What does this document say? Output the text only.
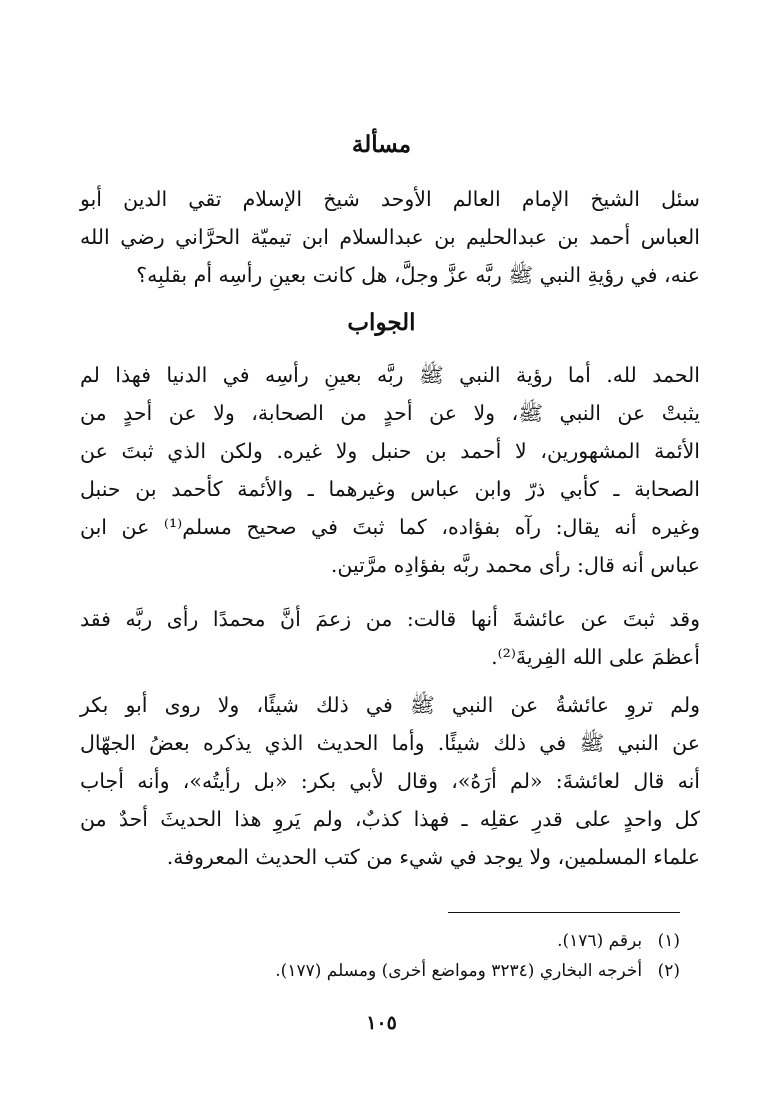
مسألة
سئل الشيخ الإمام العالم الأوحد شيخ الإسلام تقي الدين أبو
العباس أحمد بن عبدالحليم بن عبدالسلام ابن تيميّة الحرَّاني رضي الله
عنه، في رؤيةِ النبي ﷺ ربَّه عزَّ وجلَّ، هل كانت بعينِ رأسِه أم بقلبِه؟
الجواب
الحمد لله. أما رؤية النبي ﷺ ربَّه بعينِ رأسِه في الدنيا فهذا لم
يثبتْ عن النبي ﷺ، ولا عن أحدٍ من الصحابة، ولا عن أحدٍ من
الأئمة المشهورين، لا أحمد بن حنبل ولا غيره. ولكن الذي ثبتَ عن
الصحابة ـ كأبي ذرّ وابن عباس وغيرهما ـ والأئمة كأحمد بن حنبل
وغيره أنه يقال: رآه بفؤاده، كما ثبتَ في صحيح مسلم⁽¹⁾ عن ابن
عباس أنه قال: رأى محمد ربَّه بفؤادِه مرَّتين.
وقد ثبتَ عن عائشةَ أنها قالت: من زعمَ أنَّ محمدًا رأى ربَّه فقد
أعظمَ على الله الفِريةَ⁽²⁾.
ولم تروِ عائشةُ عن النبي ﷺ في ذلك شيئًا، ولا روى أبو بكر
عن النبي ﷺ في ذلك شيئًا. وأما الحديث الذي يذكره بعضُ الجهّال
أنه قال لعائشةَ: «لم أرَهُ»، وقال لأبي بكر: «بل رأيتُه»، وأنه أجاب
كل واحدٍ على قدرِ عقلِه ـ فهذا كذبٌ، ولم يَروِ هذا الحديثَ أحدٌ من
علماء المسلمين، ولا يوجد في شيء من كتب الحديث المعروفة.
(١) برقم (١٧٦).
(٢) أخرجه البخاري (٣٢٣٤ ومواضع أخرى) ومسلم (١٧٧).
١٠٥
